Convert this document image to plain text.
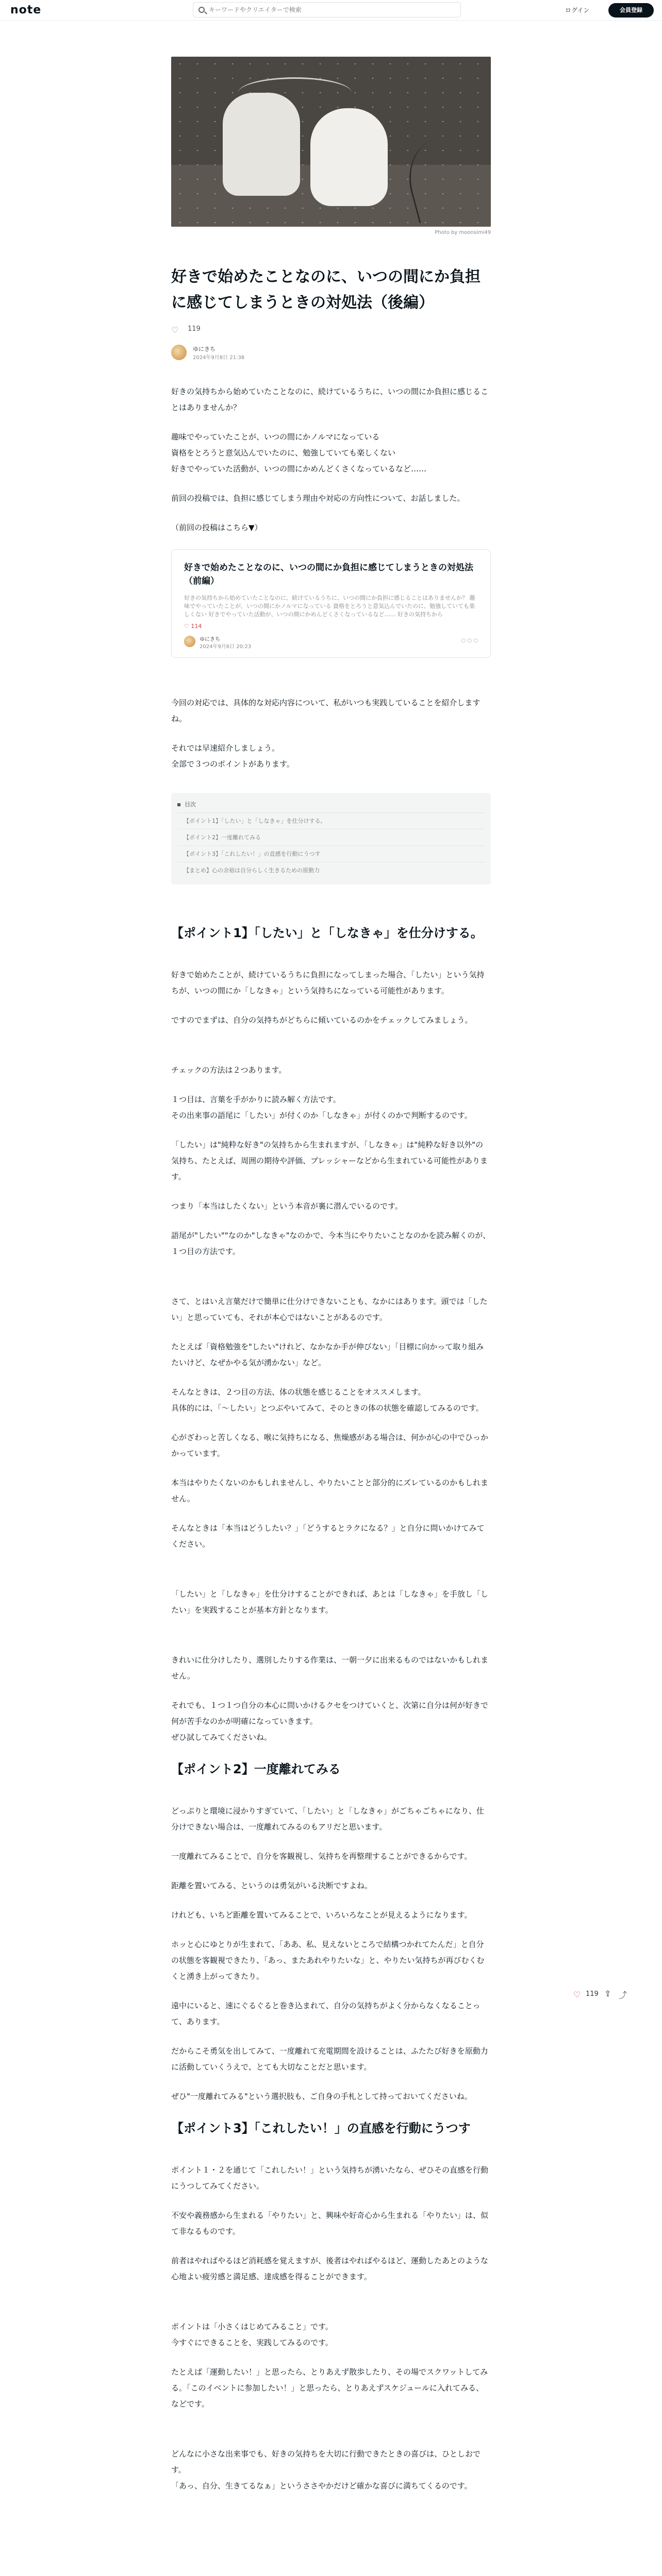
note
キーワードやクリエイターで検索	ログイン	会員登録
Photo by moonsimi49
好きで始めたことなのに、いつの間にか負担に感じてしまうときの対処法（後編）
♡ 119
ゆにきち
2024年9月8日 21:38

好きの気持ちから始めていたことなのに、続けているうちに、いつの間にか負担に感じることはありませんか？

趣味でやっていたことが、いつの間にかノルマになっている
資格をとろうと意気込んでいたのに、勉強していても楽しくない
好きでやっていた活動が、いつの間にかめんどくさくなっているなど……

前回の投稿では、負担に感じてしまう理由や対応の方向性について、お話しました。

（前回の投稿はこちら▼）

好きで始めたことなのに、いつの間にか負担に感じてしまうときの対処法（前編）
好きの気持ちから始めていたことなのに、続けているうちに、いつの間にか負担に感じることはありませんか？ 趣味でやっていたことが、いつの間にかノルマになっている 資格をとろうと意気込んでいたのに、勉強していても楽しくない 好きでやっていた活動が、いつの間にかめんどくさくなっているなど…… 好きの気持ちから
♡ 114
ゆにきち
2024年9月6日 20:23
○ ○ ○

今回の対応では、具体的な対応内容について、私がいつも実践していることを紹介しますね。

それでは早速紹介しましょう。
全部で３つのポイントがあります。

目次
【ポイント1】「したい」と「しなきゃ」を仕分けする。
【ポイント2】一度離れてみる
【ポイント3】「これしたい！」の直感を行動にうつす
【まとめ】心の余裕は自分らしく生きるための原動力
【ポイント1】「したい」と「しなきゃ」を仕分けする。

好きで始めたことが、続けているうちに負担になってしまった場合、「したい」という気持ちが、いつの間にか「しなきゃ」という気持ちになっている可能性があります。

ですのでまずは、自分の気持ちがどちらに傾いているのかをチェックしてみましょう。

チェックの方法は２つあります。

１つ目は、言葉を手がかりに読み解く方法です。
その出来事の語尾に「したい」が付くのか「しなきゃ」が付くのかで判断するのです。

「したい」は"純粋な好き"の気持ちから生まれますが、「しなきゃ」は"純粋な好き以外"の気持ち、たとえば、周囲の期待や評価、プレッシャーなどから生まれている可能性があります。

つまり「本当はしたくない」という本音が裏に潜んでいるのです。

語尾が"したい""なのか"しなきゃ"なのかで、今本当にやりたいことなのかを読み解くのが、１つ目の方法です。

さて、とはいえ言葉だけで簡単に仕分けできないことも、なかにはあります。頭では「したい」と思っていても、それが本心ではないことがあるのです。

たとえば「資格勉強を"したい"けれど、なかなか手が伸びない」「目標に向かって取り組みたいけど、なぜかやる気が湧かない」など。

そんなときは、２つ目の方法、体の状態を感じることをオススメします。
具体的には、「〜したい」とつぶやいてみて、そのときの体の状態を確認してみるのです。

心がざわっと苦しくなる、喉に気持ちになる、焦燥感がある場合は、何かが心の中でひっかかっています。

本当はやりたくないのかもしれませんし、やりたいことと部分的にズレているのかもしれません。

そんなときは「本当はどうしたい？」「どうするとラクになる？」と自分に問いかけてみてください。

「したい」と「しなきゃ」を仕分けすることができれば、あとは「しなきゃ」を手放し「したい」を実践することが基本方針となります。

きれいに仕分けしたり、選別したりする作業は、一朝一夕に出来るものではないかもしれません。

それでも、１つ１つ自分の本心に問いかけるクセをつけていくと、次第に自分は何が好きで何が苦手なのかが明確になっていきます。
ぜひ試してみてくださいね。

【ポイント2】一度離れてみる

どっぷりと環境に浸かりすぎていて、「したい」と「しなきゃ」がごちゃごちゃになり、仕分けできない場合は、一度離れてみるのもアリだと思います。

一度離れてみることで、自分を客観視し、気持ちを再整理することができるからです。

距離を置いてみる、というのは勇気がいる決断ですよね。

けれども、いちど距離を置いてみることで、いろいろなことが見えるようになります。

ホッと心にゆとりが生まれて、「ああ、私、見えないところで結構つかれてたんだ」と自分の状態を客観視できたり、「あっ、またあれやりたいな」と、やりたい気持ちが再びむくむくと湧き上がってきたり。

遠中にいると、速にぐるぐると巻き込まれて、自分の気持ちがよく分からなくなることって、あります。

だからこそ勇気を出してみて、一度離れて充電期間を設けることは、ふたたび好きを原動力に活動していくうえで、とても大切なことだと思います。

ぜひ"一度離れてみる"という選択肢も、ご自身の手札として持っておいてくださいね。

【ポイント3】「これしたい！」の直感を行動にうつす

ポイント１・２を通じて「これしたい！」という気持ちが湧いたなら、ぜひその直感を行動にうつしてみてください。

不安や義務感から生まれる「やりたい」と、興味や好奇心から生まれる「やりたい」は、似て非なるものです。

前者はやればやるほど消耗感を覚えますが、後者はやればやるほど、運動したあとのような心地よい疲労感と満足感、達成感を得ることができます。

ポイントは「小さくはじめてみること」です。
今すぐにできることを、実践してみるのです。

たとえば「運動したい！」と思ったら、とりあえず散歩したり、その場でスクワットしてみる。「このイベントに参加したい！」と思ったら、とりあえずスケジュールに入れてみる、などです。

どんなに小さな出来事でも、好きの気持ちを大切に行動できたときの喜びは、ひとしおです。
「あっ、自分、生きてるなぁ」というささやかだけど確かな喜びに満ちてくるのです。

♡ 119 ⇪ ⤴
